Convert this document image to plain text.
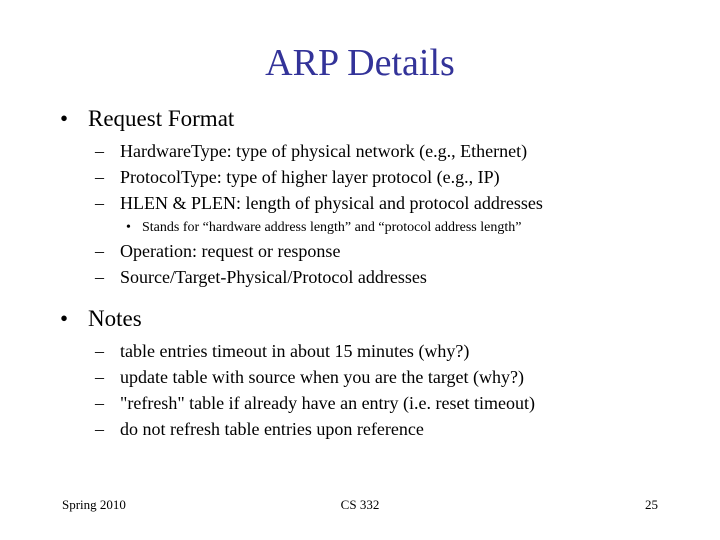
ARP Details
• Request Format
– HardwareType: type of physical network (e.g., Ethernet)
– ProtocolType: type of higher layer protocol (e.g., IP)
– HLEN & PLEN: length of physical and protocol addresses
• Stands for “hardware address length” and “protocol address length”
– Operation: request or response
– Source/Target-Physical/Protocol addresses
• Notes
– table entries timeout in about 15 minutes (why?)
– update table with source when you are the target (why?)
– "refresh" table if already have an entry (i.e. reset timeout)
– do not refresh table entries upon reference
Spring 2010	CS 332	25
